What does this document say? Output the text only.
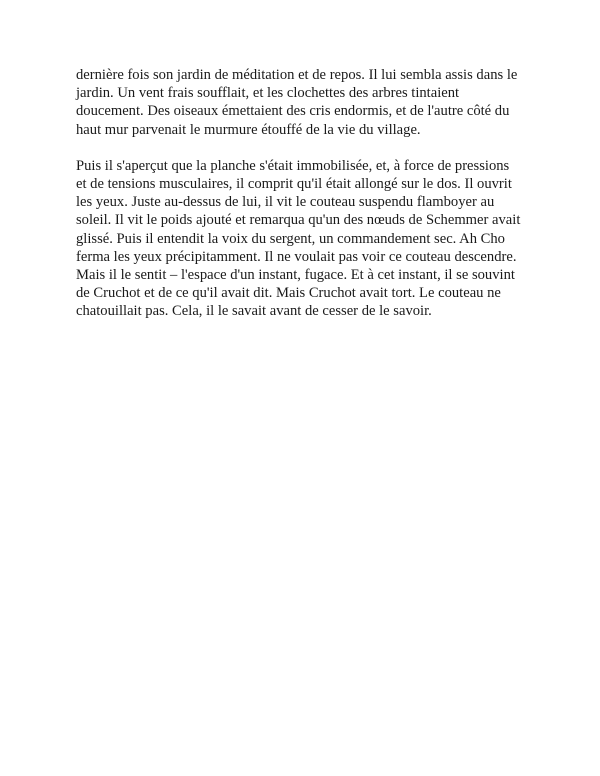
dernière fois son jardin de méditation et de repos. Il lui sembla assis dans le
jardin. Un vent frais soufflait, et les clochettes des arbres tintaient
doucement. Des oiseaux émettaient des cris endormis, et de l'autre côté du
haut mur parvenait le murmure étouffé de la vie du village.

Puis il s'aperçut que la planche s'était immobilisée, et, à force de pressions
et de tensions musculaires, il comprit qu'il était allongé sur le dos. Il ouvrit
les yeux. Juste au-dessus de lui, il vit le couteau suspendu flamboyer au
soleil. Il vit le poids ajouté et remarqua qu'un des nœuds de Schemmer avait
glissé. Puis il entendit la voix du sergent, un commandement sec. Ah Cho
ferma les yeux précipitamment. Il ne voulait pas voir ce couteau descendre.
Mais il le sentit – l'espace d'un instant, fugace. Et à cet instant, il se souvint
de Cruchot et de ce qu'il avait dit. Mais Cruchot avait tort. Le couteau ne
chatouillait pas. Cela, il le savait avant de cesser de le savoir.
